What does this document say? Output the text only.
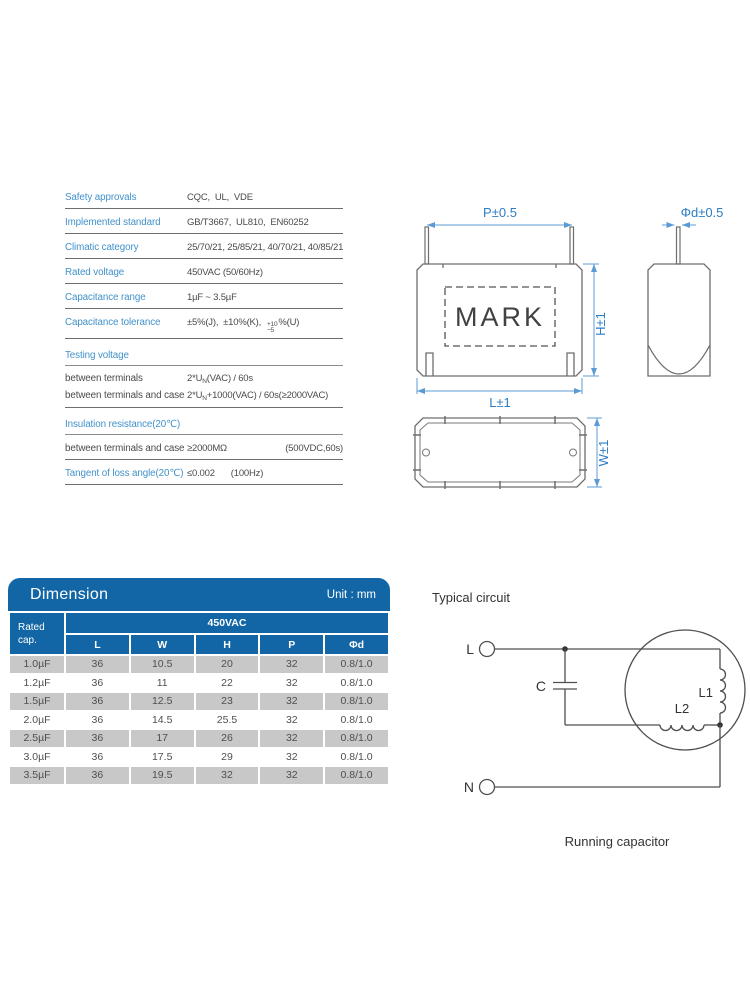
Safety approvals	CQC,  UL,  VDE
Implemented standard	GB/T3667,  UL810,  EN60252
Climatic category	25/70/21, 25/85/21, 40/70/21, 40/85/21
Rated voltage	450VAC (50/60Hz)
Capacitance range	1µF ~ 3.5µF
Capacitance tolerance	±5%(J),  ±10%(K), +10
−5
%(U)
Testing voltage
between terminals	2*U N (VAC) / 60s
between terminals and case 2*U N +1000(VAC) / 60s(≥2000VAC)
Insulation resistance(20℃)
between terminals and case ≥2000MΩ	(500VDC,60s)
Tangent of loss angle(20℃) ≤0.002 (100Hz)
MARK
P±0.5
H±1
L±1
Φd±0.5
W±1
Dimension	Unit : mm
Rated cap.	450VAC				
	L	W	H	P	Φd
1.0µF	36	10.5	20	32	0.8/1.0
1.2µF	36	11	22	32	0.8/1.0
1.5µF	36	12.5	23	32	0.8/1.0
2.0µF	36	14.5	25.5	32	0.8/1.0
2.5µF	36	17	26	32	0.8/1.0
3.0µF	36	17.5	29	32	0.8/1.0
3.5µF	36	19.5	32	32	0.8/1.0
Typical circuit
L
N
C
L2
L1
Running capacitor
